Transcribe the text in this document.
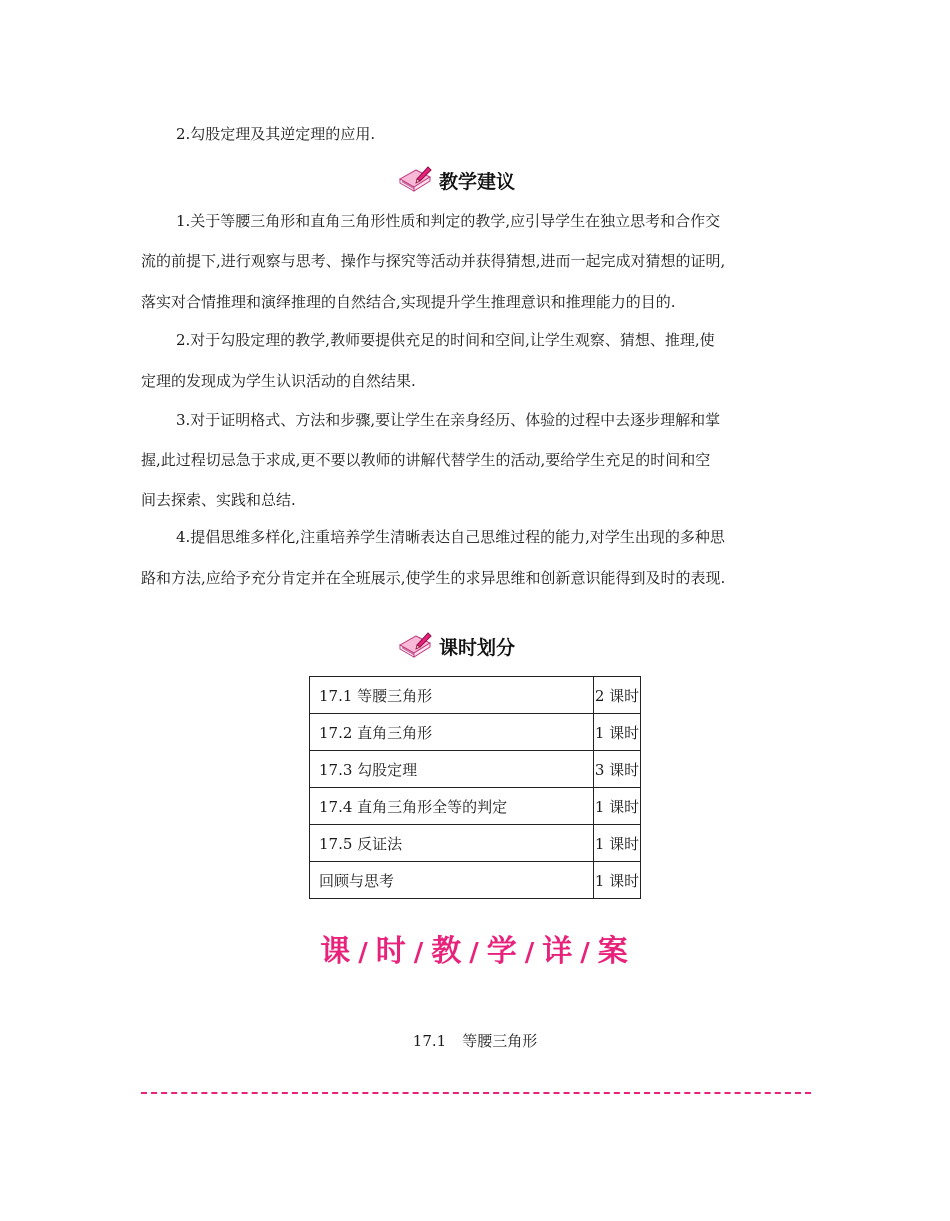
2.勾股定理及其逆定理的应用.

教学建议

1.关于等腰三角形和直角三角形性质和判定的教学,应引导学生在独立思考和合作交

流的前提下,进行观察与思考、操作与探究等活动并获得猜想,进而一起完成对猜想的证明,

落实对合情推理和演绎推理的自然结合,实现提升学生推理意识和推理能力的目的.

2.对于勾股定理的教学,教师要提供充足的时间和空间,让学生观察、猜想、推理,使

定理的发现成为学生认识活动的自然结果.

3.对于证明格式、方法和步骤,要让学生在亲身经历、体验的过程中去逐步理解和掌

握,此过程切忌急于求成,更不要以教师的讲解代替学生的活动,要给学生充足的时间和空

间去探索、实践和总结.

4.提倡思维多样化,注重培养学生清晰表达自己思维过程的能力,对学生出现的多种思

路和方法,应给予充分肯定并在全班展示,使学生的求异思维和创新意识能得到及时的表现.

课时划分
17.1 等腰三角形	2 课时
17.2 直角三角形	1 课时
17.3 勾股定理	3 课时
17.4 直角三角形全等的判定	1 课时
17.5 反证法	1 课时
回顾与思考	1 课时
课 / 时 / 教 / 学 / 详 / 案
17.1 等腰三角形
